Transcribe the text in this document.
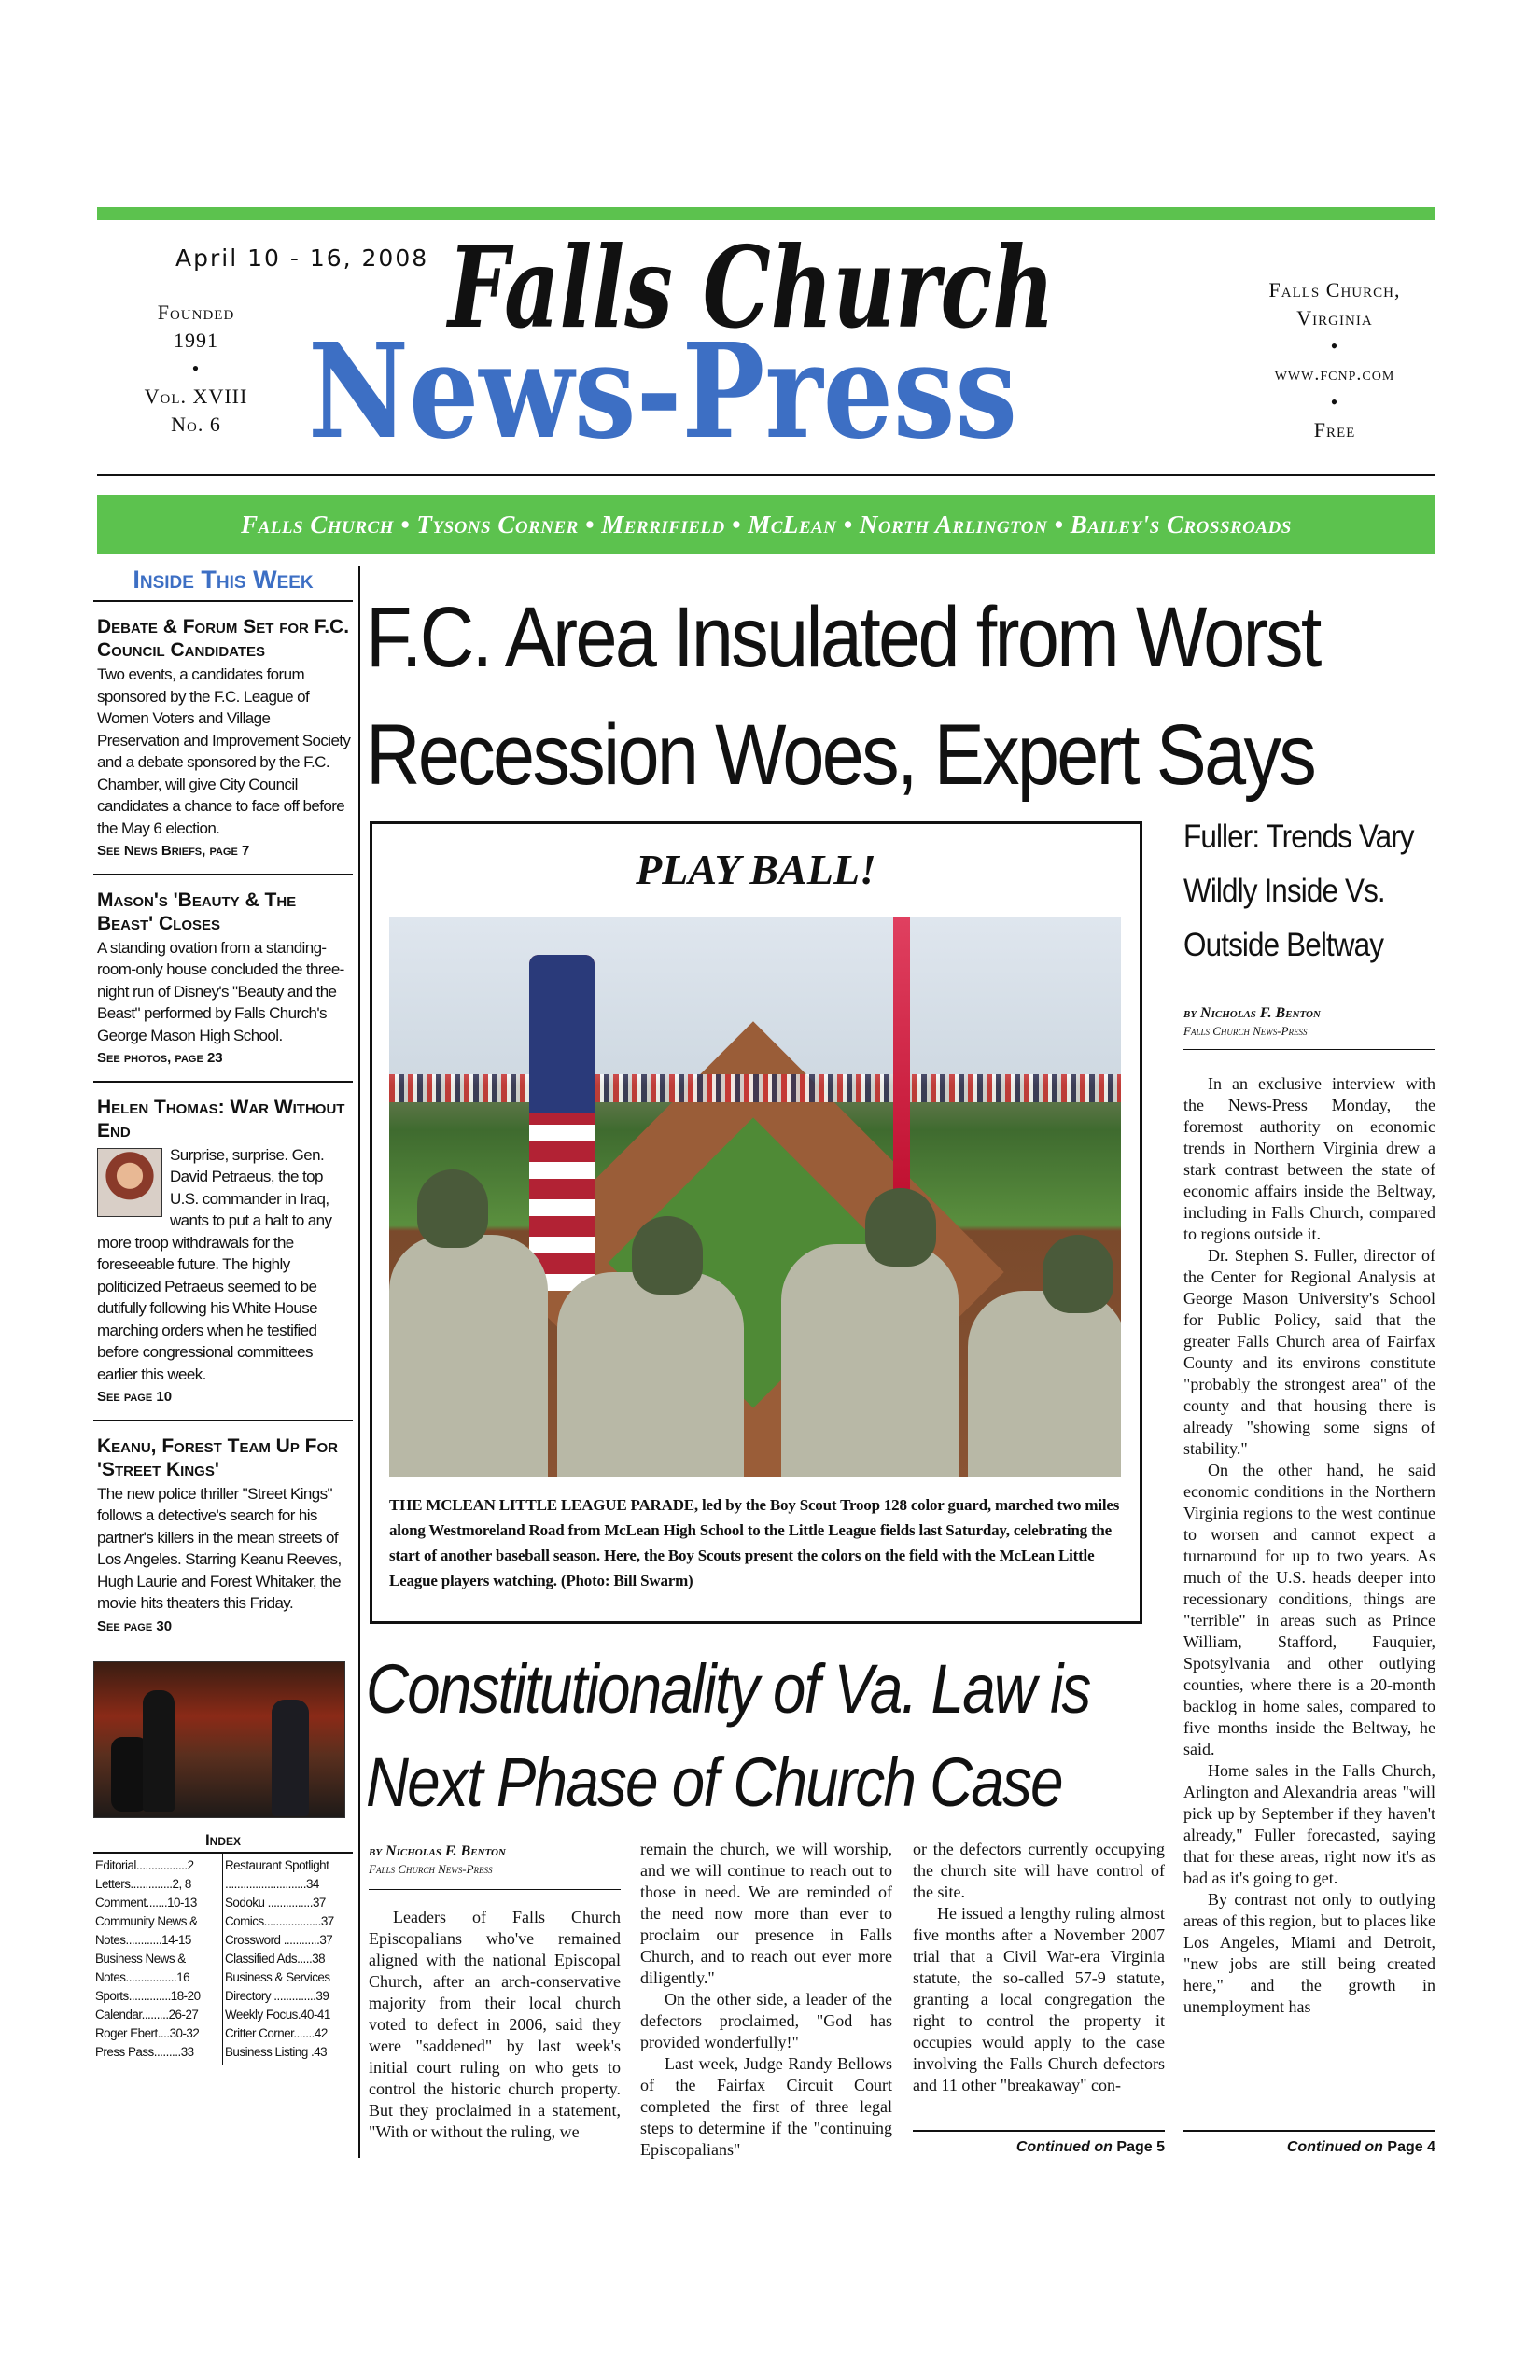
April 10 - 16, 2008
Founded
1991
•
Vol. XVIII
No. 6
Falls Church
News-Press
Falls Church,
Virginia
•
www.fcnp.com
•
Free
Falls Church • Tysons Corner • Merrifield • McLean • North Arlington • Bailey's Crossroads
Inside This Week
Debate & Forum Set for F.C. Council Candidates

Two events, a candidates forum sponsored by the F.C. League of Women Voters and Village Preservation and Improvement Society and a debate sponsored by the F.C. Chamber, will give City Council candidates a chance to face off before the May 6 election.
See News Briefs, page 7

Mason's 'Beauty & The Beast' Closes

A standing ovation from a standing-room-only house concluded the three-night run of Disney's "Beauty and the Beast" performed by Falls Church's George Mason High School.
See photos, page 23

Helen Thomas: War Without End

Surprise, surprise. Gen. David Petraeus, the top U.S. commander in Iraq, wants to put a halt to any more troop withdrawals for the foreseeable future. The highly politicized Petraeus seemed to be dutifully following his White House marching orders when he testified before congressional committees earlier this week.
See page 10

Keanu, Forest Team Up For 'Street Kings'

The new police thriller "Street Kings" follows a detective's search for his partner's killers in the mean streets of Los Angeles. Starring Keanu Reeves, Hugh Laurie and Forest Whitaker, the movie hits theaters this Friday.
See page 30

Index
Editorial.................2
Letters..............2, 8
Comment.......10-13
Community News & Notes............14-15
Business News & Notes.................16
Sports..............18-20
Calendar.........26-27
Roger Ebert....30-32
Press Pass.........33
Restaurant Spotlight ...........................34
Sodoku ...............37
Comics...................37
Crossword ............37
Classified Ads.....38
Business & Services Directory ..............39
Weekly Focus.40-41
Critter Corner.......42
Business Listing .43
F.C. Area Insulated from Worst
Recession Woes, Expert Says
PLAY BALL!
THE MCLEAN LITTLE LEAGUE PARADE, led by the Boy Scout Troop 128 color guard, marched two miles along Westmoreland Road from McLean High School to the Little League fields last Saturday, celebrating the start of another baseball season. Here, the Boy Scouts present the colors on the field with the McLean Little League players watching. (Photo: Bill Swarm)
Fuller: Trends Vary Wildly Inside Vs. Outside Beltway
by Nicholas F. Benton
Falls Church News-Press

In an exclusive interview with the News-Press Monday, the foremost authority on economic trends in Northern Virginia drew a stark contrast between the state of economic affairs inside the Beltway, including in Falls Church, compared to regions outside it.

Dr. Stephen S. Fuller, director of the Center for Regional Analysis at George Mason University's School for Public Policy, said that the greater Falls Church area of Fairfax County and its environs constitute "probably the strongest area" of the county and that housing there is already "showing some signs of stability."

On the other hand, he said economic conditions in the Northern Virginia regions to the west continue to worsen and cannot expect a turnaround for up to two years. As much of the U.S. heads deeper into recessionary conditions, things are "terrible" in areas such as Prince William, Stafford, Fauquier, Spotsylvania and other outlying counties, where there is a 20-month backlog in home sales, compared to five months inside the Beltway, he said.

Home sales in the Falls Church, Arlington and Alexandria areas "will pick up by September if they haven't already," Fuller forecasted, saying that for these areas, right now it's as bad as it's going to get.

By contrast not only to outlying areas of this region, but to places like Los Angeles, Miami and Detroit, "new jobs are still being created here," and the growth in unemployment has

Continued on Page 4
Constitutionality of Va. Law is
Next Phase of Church Case
by Nicholas F. Benton
Falls Church News-Press

Leaders of Falls Church Episcopalians who've remained aligned with the national Episcopal Church, after an arch-conservative majority from their local church voted to defect in 2006, said they were "saddened" by last week's initial court ruling on who gets to control the historic church property. But they proclaimed in a statement, "With or without the ruling, we

remain the church, we will worship, and we will continue to reach out to those in need. We are reminded of the need now more than ever to proclaim our presence in Falls Church, and to reach out ever more diligently."

On the other side, a leader of the defectors proclaimed, "God has provided wonderfully!"

Last week, Judge Randy Bellows of the Fairfax Circuit Court completed the first of three legal steps to determine if the "continuing Episcopalians"

or the defectors currently occupying the church site will have control of the site.

He issued a lengthy ruling almost five months after a November 2007 trial that a Civil War-era Virginia statute, the so-called 57-9 statute, granting a local congregation the right to control the property it occupies would apply to the case involving the Falls Church defectors and 11 other "breakaway" con-

Continued on Page 5
